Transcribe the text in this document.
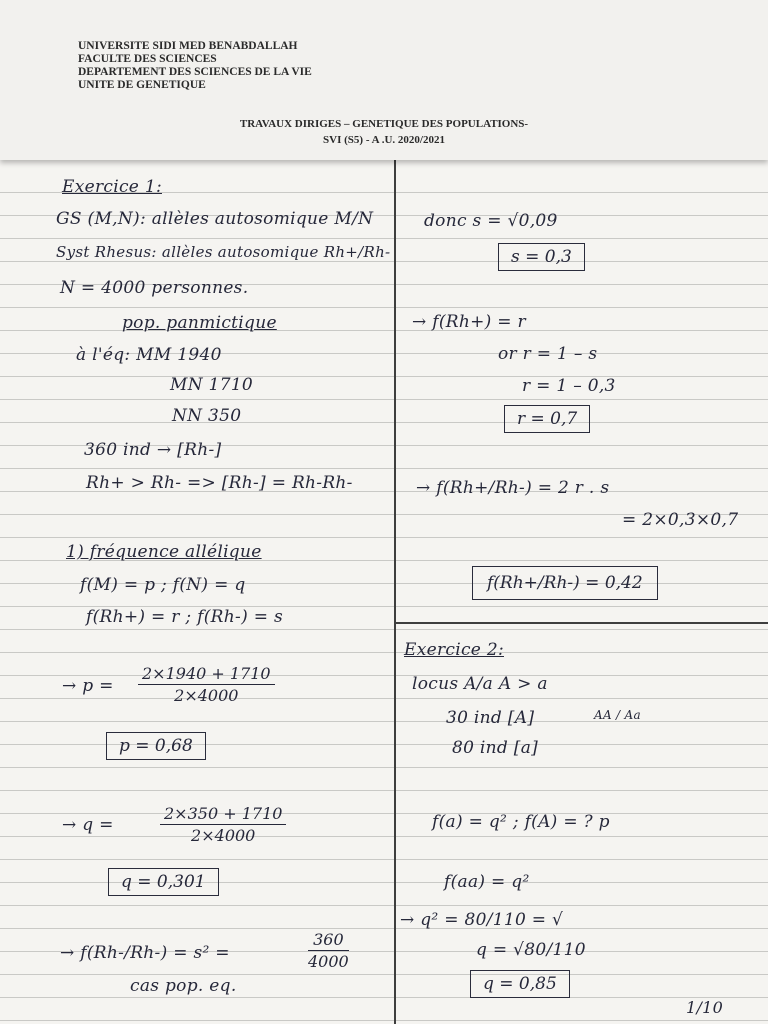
UNIVERSITE SIDI MED BENABDALLAH
FACULTE DES SCIENCES
DEPARTEMENT DES SCIENCES DE LA VIE
UNITE DE GENETIQUE
TRAVAUX DIRIGES – GENETIQUE DES POPULATIONS-
SVI (S5) - A .U. 2020/2021

Exercice 1:
GS (M,N): allèles autosomique M/N
Syst Rhesus: allèles autosomique Rh+/Rh-
N = 4000 personnes.
pop. panmictique
à l'éq: MM 1940
MN 1710
NN 350
360 ind → [Rh-]
Rh+ > Rh- => [Rh-] = Rh-Rh-
1) fréquence allélique
f(M) = p ; f(N) = q
f(Rh+) = r ; f(Rh-) = s
→ $p = \frac{2\times 1940 + 1710}{2\times 4000}$
p = 0,68
→ q =	$\frac{2\times 350 + 1710}{2\times 4000}$
q = 0,301
→ f(Rh-/Rh-) = s² =	$\frac{360}{4000}$
cas pop. eq.
donc s = √0,09
s = 0,3
→ f(Rh+) = r
or r = 1 – s
r = 1 – 0,3
r = 0,7
→ f(Rh+/Rh-) = 2 r . s
= 2×0,3×0,7
f(Rh+/Rh-) = 0,42
Exercice 2:
locus A/a A > a
30 ind [A]	AA / Aa
80 ind [a]
f(a) = q² ; f(A) = ? p
f(aa) = q²
→ q² = 80/110 = √
q = √80/110
q = 0,85
1/10
